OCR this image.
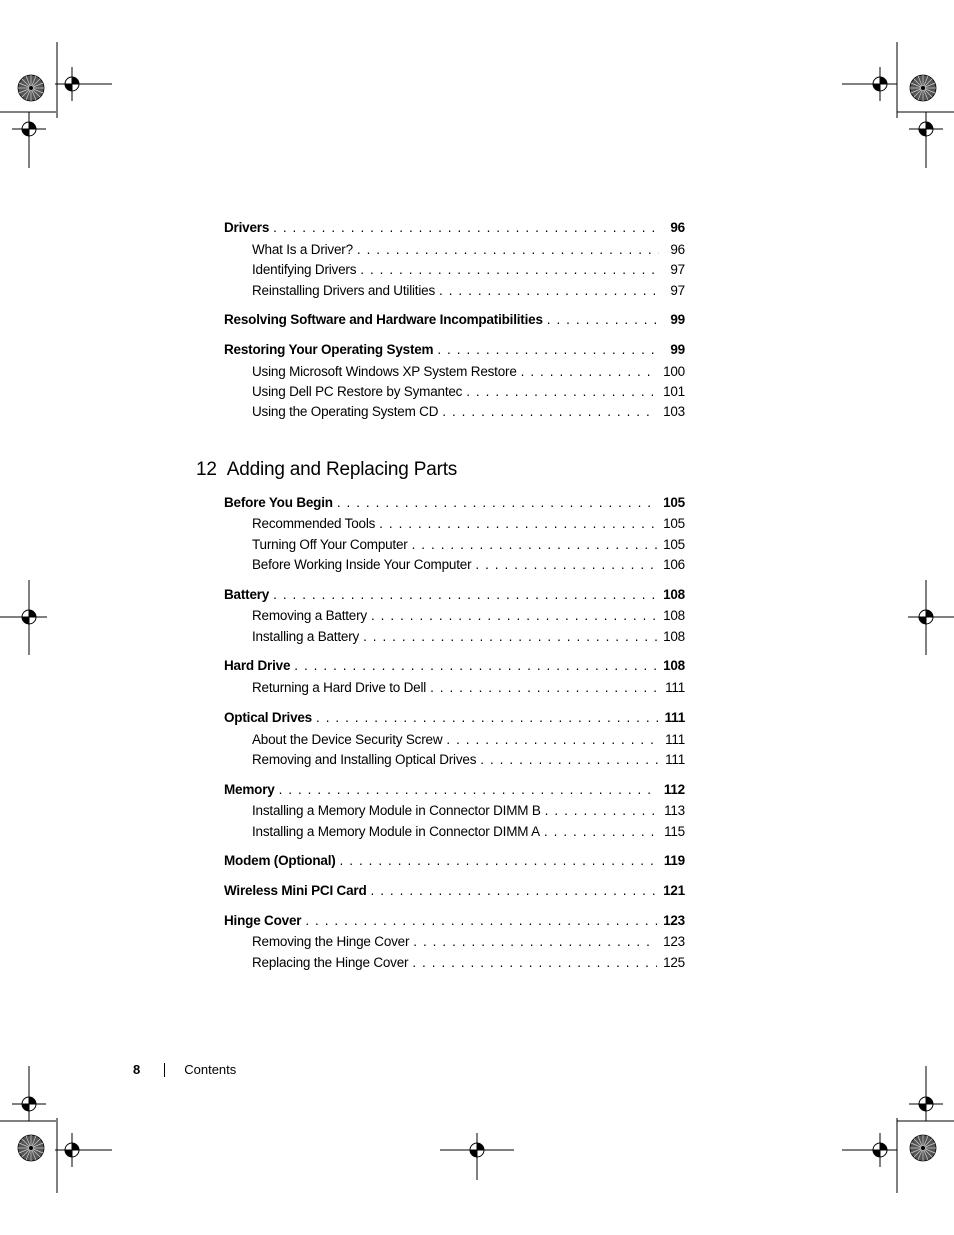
Drivers . . .	96
What Is a Driver? . . .	96
Identifying Drivers . . .	97
Reinstalling Drivers and Utilities . . .	97
Resolving Software and Hardware Incompatibilities . . .	99
Restoring Your Operating System . . .	99
Using Microsoft Windows XP System Restore . . .	100
Using Dell PC Restore by Symantec . . .	101
Using the Operating System CD . . .	103
Before You Begin . . .	105
Recommended Tools . . .	105
Turning Off Your Computer . . .	105
Before Working Inside Your Computer . . .	106
Battery . . .	108
Removing a Battery . . .	108
Installing a Battery . . .	108
Hard Drive . . .	108
Returning a Hard Drive to Dell . . .	111
Optical Drives . . .	111
About the Device Security Screw . . .	111
Removing and Installing Optical Drives . . .	111
Memory . . .	112
Installing a Memory Module in Connector DIMM B . . .	113
Installing a Memory Module in Connector DIMM A . . .	115
Modem (Optional) . . .	119
Wireless Mini PCI Card . . .	121
Hinge Cover . . .	123
Removing the Hinge Cover . . .	123
Replacing the Hinge Cover . . .	125
12 Adding and Replacing Parts
8	Contents
